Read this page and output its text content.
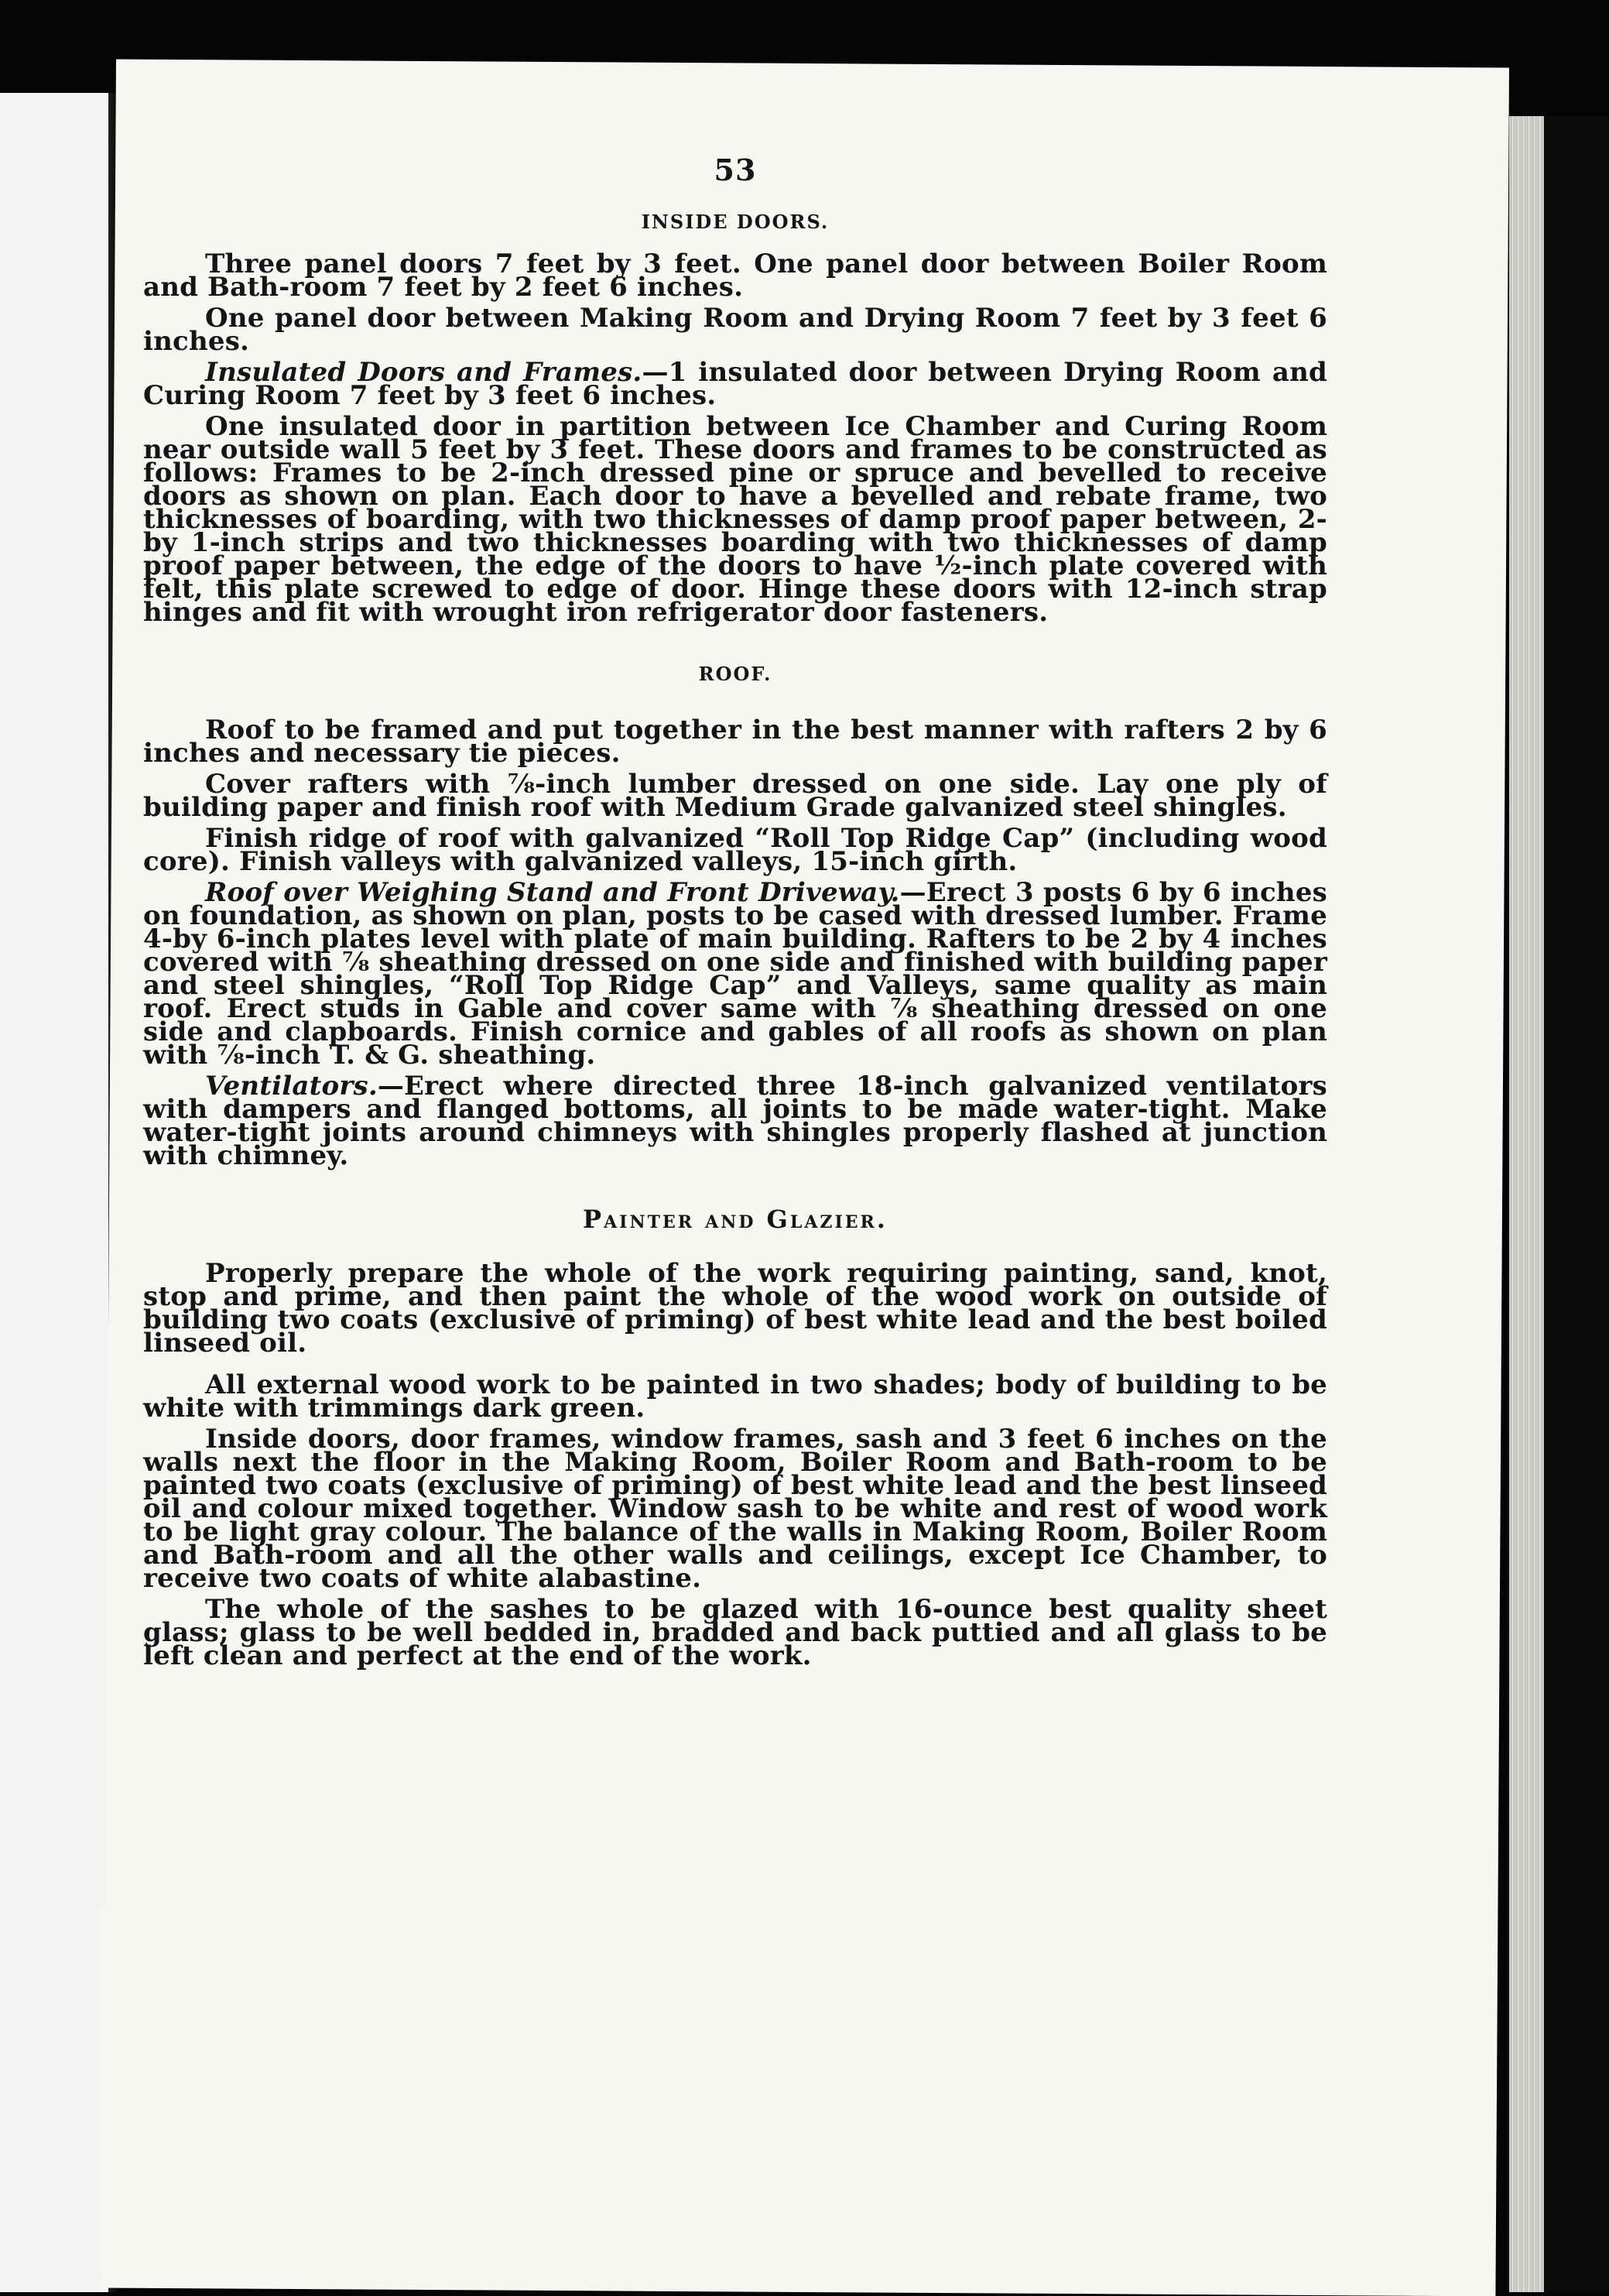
53
INSIDE DOORS.

Three panel doors 7 feet by 3 feet. One panel door between Boiler Room and Bath-room 7 feet by 2 feet 6 inches.

One panel door between Making Room and Drying Room 7 feet by 3 feet 6 inches.

Insulated Doors and Frames.—1 insulated door between Drying Room and Curing Room 7 feet by 3 feet 6 inches.

One insulated door in partition between Ice Chamber and Curing Room near outside wall 5 feet by 3 feet. These doors and frames to be constructed as follows: Frames to be 2-inch dressed pine or spruce and bevelled to receive doors as shown on plan. Each door to have a bevelled and rebate frame, two thicknesses of boarding, with two thicknesses of damp proof paper between, 2-by 1-inch strips and two thicknesses boarding with two thicknesses of damp proof paper between, the edge of the doors to have ½-inch plate covered with felt, this plate screwed to edge of door. Hinge these doors with 12-inch strap hinges and fit with wrought iron refrigerator door fasteners.

ROOF.

Roof to be framed and put together in the best manner with rafters 2 by 6 inches and necessary tie pieces.

Cover rafters with ⅞-inch lumber dressed on one side. Lay one ply of building paper and finish roof with Medium Grade galvanized steel shingles.

Finish ridge of roof with galvanized “Roll Top Ridge Cap” (including wood core). Finish valleys with galvanized valleys, 15-inch girth.

Roof over Weighing Stand and Front Driveway.—Erect 3 posts 6 by 6 inches on foundation, as shown on plan, posts to be cased with dressed lumber. Frame 4-by 6-inch plates level with plate of main building. Rafters to be 2 by 4 inches covered with ⅞ sheathing dressed on one side and finished with building paper and steel shingles, “Roll Top Ridge Cap” and Valleys, same quality as main roof. Erect studs in Gable and cover same with ⅞ sheathing dressed on one side and clapboards. Finish cornice and gables of all roofs as shown on plan with ⅞-inch T. & G. sheathing.

Ventilators.—Erect where directed three 18-inch galvanized ventilators with dampers and flanged bottoms, all joints to be made water-tight. Make water-tight joints around chimneys with shingles properly flashed at junction with chimney.

Painter and Glazier.

Properly prepare the whole of the work requiring painting, sand, knot, stop and prime, and then paint the whole of the wood work on outside of building two coats (exclusive of priming) of best white lead and the best boiled linseed oil.

All external wood work to be painted in two shades; body of building to be white with trimmings dark green.

Inside doors, door frames, window frames, sash and 3 feet 6 inches on the walls next the floor in the Making Room, Boiler Room and Bath-room to be painted two coats (exclusive of priming) of best white lead and the best linseed oil and colour mixed together. Window sash to be white and rest of wood work to be light gray colour. The balance of the walls in Making Room, Boiler Room and Bath-room and all the other walls and ceilings, except Ice Chamber, to receive two coats of white alabastine.

The whole of the sashes to be glazed with 16-ounce best quality sheet glass; glass to be well bedded in, bradded and back puttied and all glass to be left clean and perfect at the end of the work.
